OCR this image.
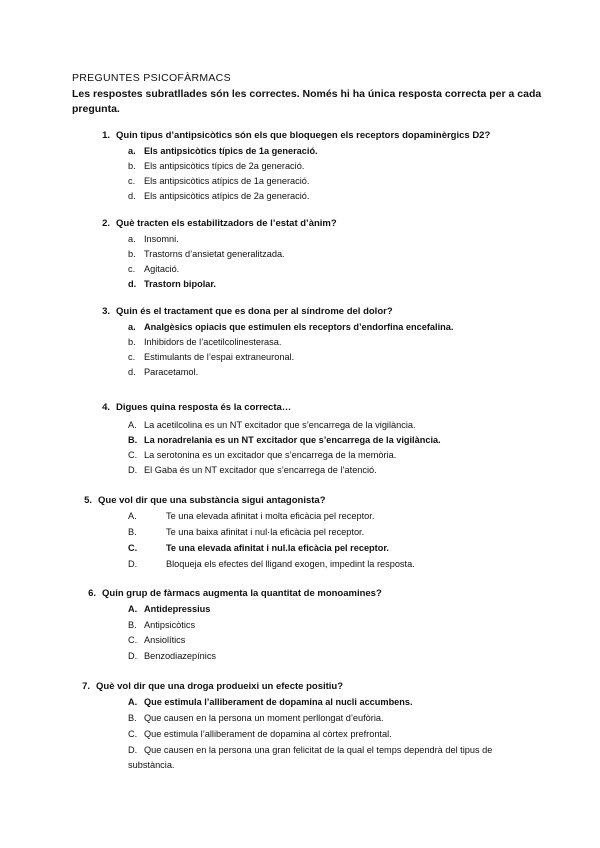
PREGUNTES PSICOFÀRMACS
Les respostes subratllades són les correctes. Només hi ha única resposta correcta per a cada pregunta.
1. Quin tipus d’antipsicòtics són els que bloquegen els receptors dopaminèrgics D2?
a. Els antipsicòtics típics de 1a generació.
b. Els antipsicòtics típics de 2a generació.
c. Els antipsicòtics atípics de 1a generació.
d. Els antipsicòtics atípics de 2a generació.
2. Què tracten els estabilitzadors de l’estat d’ànim?
a. Insomni.
b. Trastorns d’ansietat generalitzada.
c. Agitació.
d. Trastorn bipolar.
3. Quin és el tractament que es dona per al síndrome del dolor?
a. Analgèsics opiacis que estimulen els receptors d’endorfina encefalina.
b. Inhibidors de l’acetilcolinesterasa.
c. Estimulants de l’espai extraneuronal.
d. Paracetamol.
4. Digues quina resposta és la correcta…
A. La acetilcolina es un NT excitador que s’encarrega de la vigilància.
B. La noradrelania es un NT excitador que s’encarrega de la vigilància.
C. La serotonina es un excitador que s’encarrega de la memòria.
D. El Gaba és un NT excitador que s’encarrega de l’atenció.
5. Que vol dir que una substància sigui antagonista?
A.	Te una elevada afinitat i molta eficàcia pel receptor.
B.	Te una baixa afinitat i nul·la eficàcia pel receptor.
C.	Te una elevada afinitat i nul.la eficàcia pel receptor.
D.	Bloqueja els efectes del lligand exogen, impedint la resposta.
6. Quin grup de fàrmacs augmenta la quantitat de monoamines?
A. Antidepressius
B. Antipsicòtics
C. Ansiolítics
D. Benzodiazepínics
7. Què vol dir que una droga produeixi un efecte positiu?
A. Que estimula l’alliberament de dopamina al nucli accumbens.
B. Que causen en la persona un moment perllongat d’eufòria.
C. Que estimula l’alliberament de dopamina al còrtex prefrontal.
D. Que causen en la persona una gran felicitat de la qual el temps dependrà del tipus de substància.
